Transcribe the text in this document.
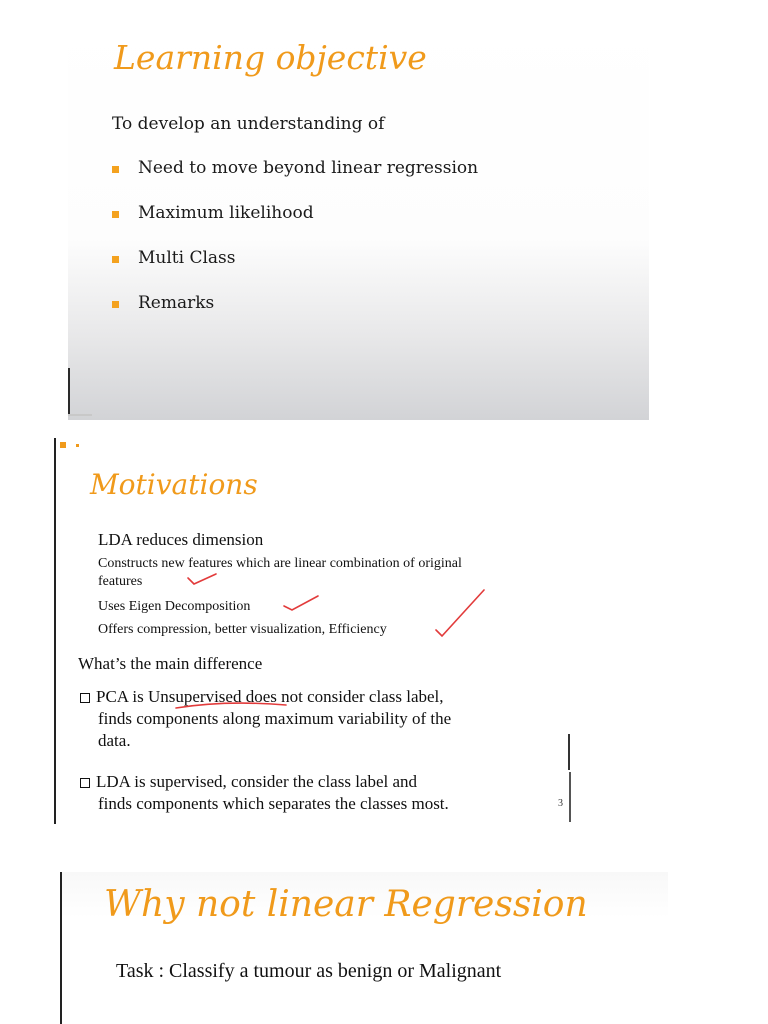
Learning objective
To develop an understanding of
Need to move beyond linear regression
Maximum likelihood
Multi Class
Remarks
Motivations
LDA reduces dimension
Constructs new features which are linear combination of original
features
Uses Eigen Decomposition
Offers compression, better visualization, Efficiency
What’s the main difference
PCA is Unsupervised does not consider class label,
finds components along maximum variability of the
data.
LDA is supervised, consider the class label and
finds components which separates the classes most.	3
Why not linear Regression
Task : Classify a tumour as benign or Malignant
